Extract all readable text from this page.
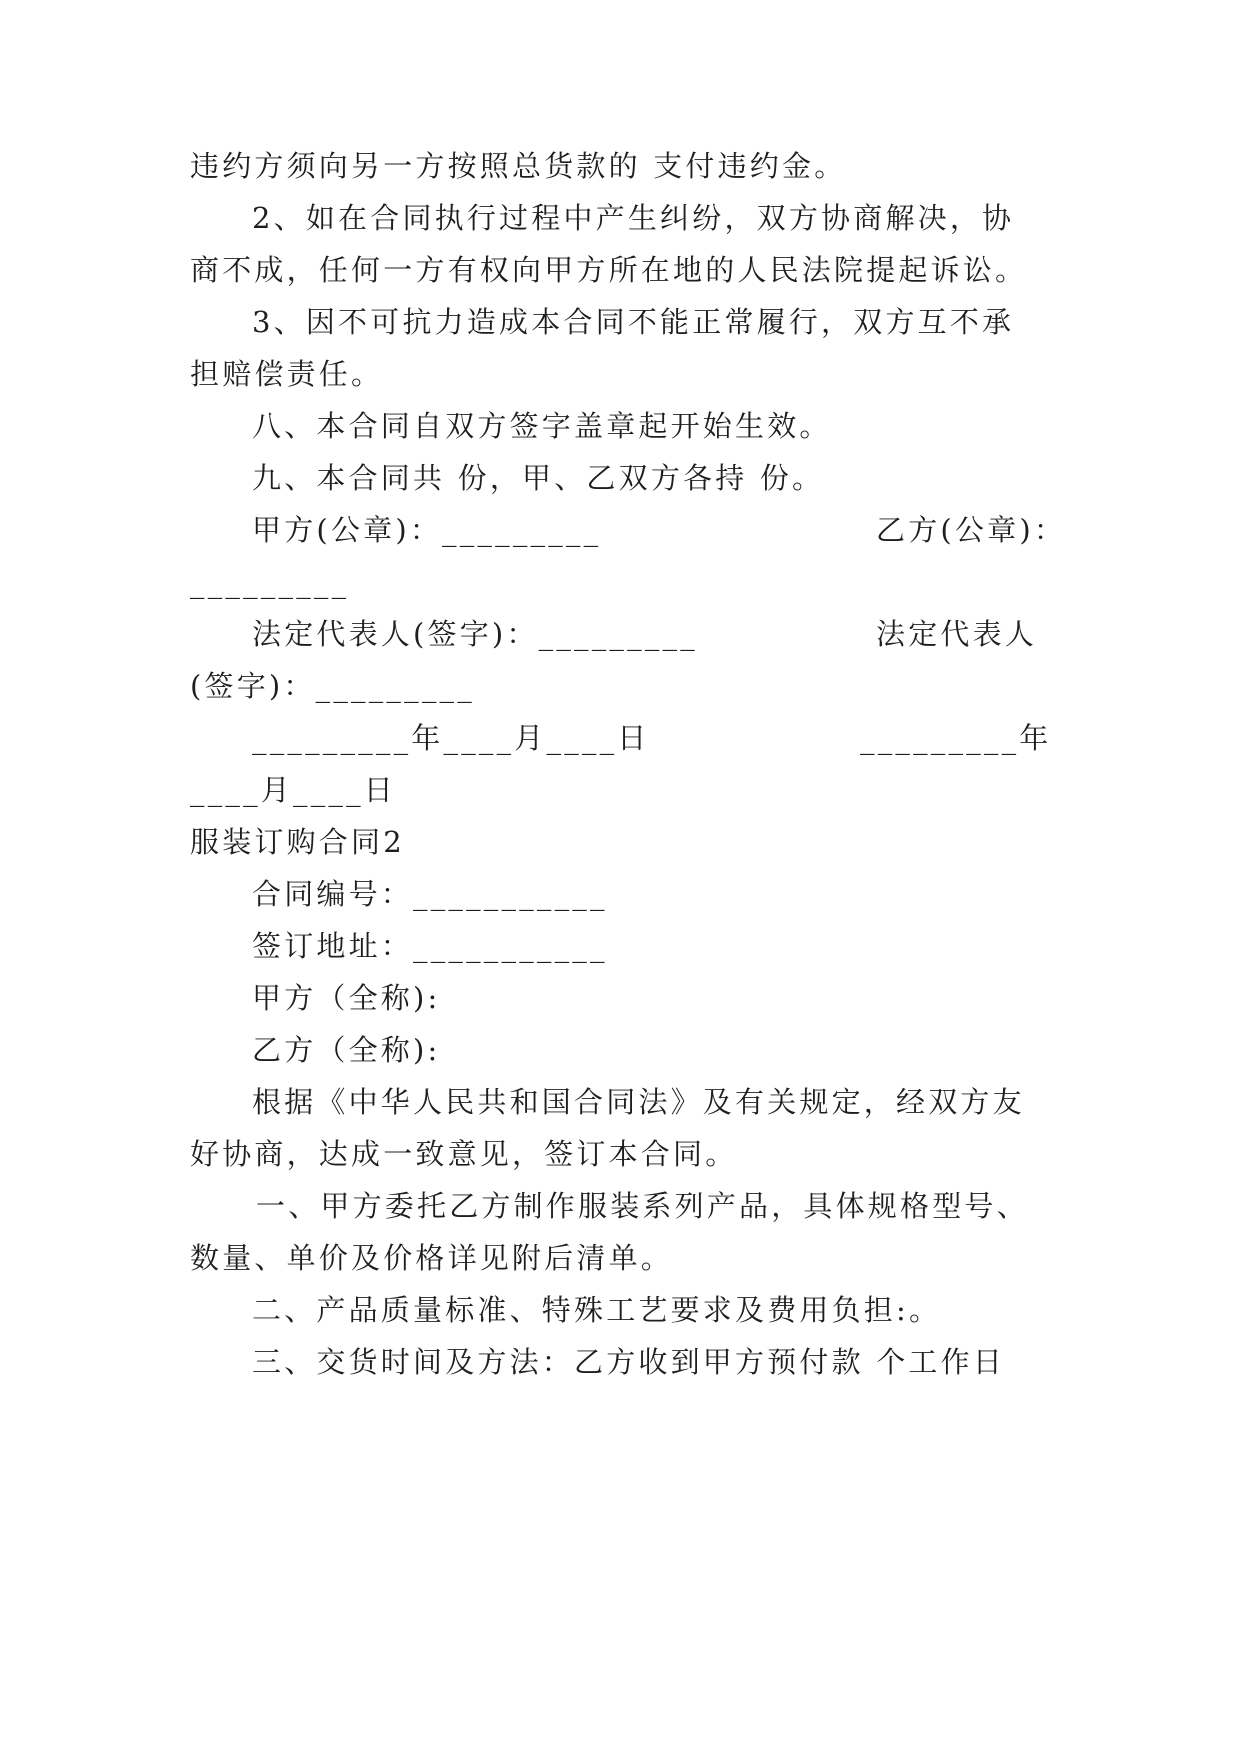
违约方须向另一方按照总货款的 支付违约金。
2、如在合同执行过程中产生纠纷，双方协商解决，协
商不成，任何一方有权向甲方所在地的人民法院提起诉讼。
3、因不可抗力造成本合同不能正常履行，双方互不承
担赔偿责任。
八、本合同自双方签字盖章起开始生效。
九、本合同共 份，甲、乙双方各持 份。
甲方(公章)：_________	乙方(公章)：
_________
法定代表人(签字)：_________	法定代表人
(签字)：_________
_________年____月____日	_________年
____月____日
服装订购合同2
合同编号：___________
签订地址：___________
甲方（全称):
乙方（全称):
根据《中华人民共和国合同法》及有关规定，经双方友
好协商，达成一致意见，签订本合同。
一、甲方委托乙方制作服装系列产品，具体规格型号、
数量、单价及价格详见附后清单。
二、产品质量标准、特殊工艺要求及费用负担:。
三、交货时间及方法：乙方收到甲方预付款 个工作日
